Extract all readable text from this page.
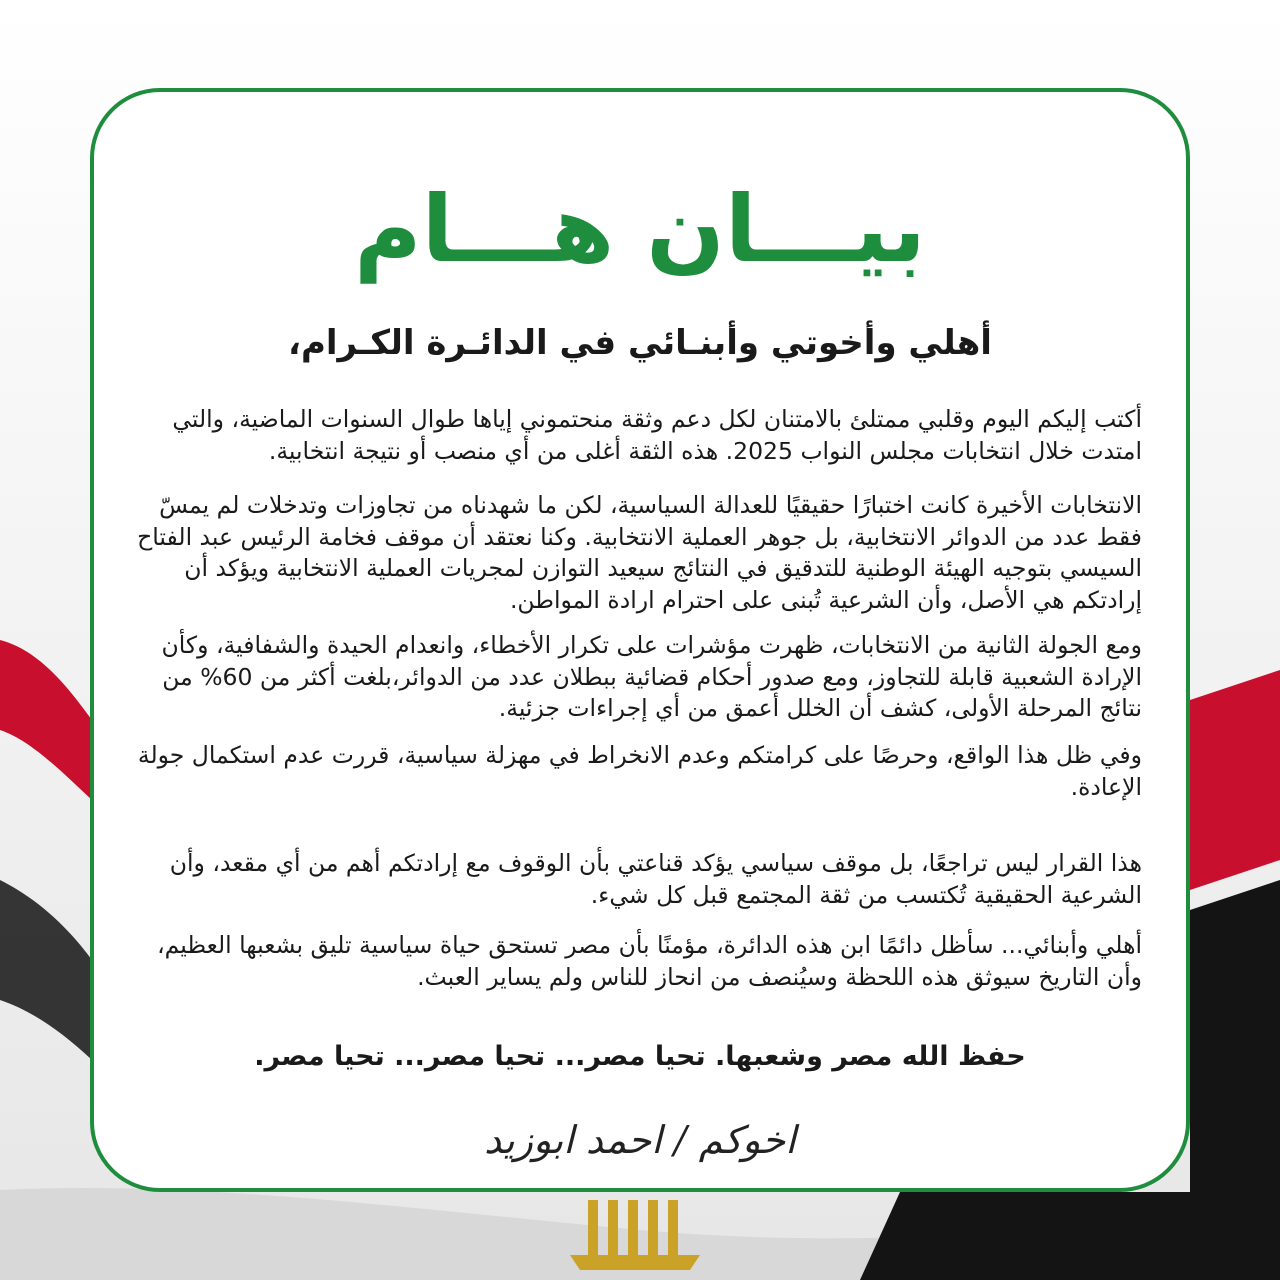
بيـــان هـــام
أهلي وأخوتي وأبنـائي في الدائـرة الكـرام،
أكتب إليكم اليوم وقلبي ممتلئ بالامتنان لكل دعم وثقة منحتموني إياها طوال السنوات الماضية، والتي امتدت خلال انتخابات مجلس النواب 2025. هذه الثقة أغلى من أي منصب أو نتيجة انتخابية.
الانتخابات الأخيرة كانت اختبارًا حقيقيًا للعدالة السياسية، لكن ما شهدناه من تجاوزات وتدخلات لم يمسّ فقط عدد من الدوائر الانتخابية، بل جوهر العملية الانتخابية. وكنا نعتقد أن موقف فخامة الرئيس عبد الفتاح السيسي بتوجيه الهيئة الوطنية للتدقيق في النتائج سيعيد التوازن لمجريات العملية الانتخابية ويؤكد أن إرادتكم هي الأصل، وأن الشرعية تُبنى على احترام ارادة المواطن.
ومع الجولة الثانية من الانتخابات، ظهرت مؤشرات على تكرار الأخطاء، وانعدام الحيدة والشفافية، وكأن الإرادة الشعبية قابلة للتجاوز، ومع صدور أحكام قضائية ببطلان عدد من الدوائر،بلغت أكثر من 60% من نتائج المرحلة الأولى، كشف أن الخلل أعمق من أي إجراءات جزئية.
وفي ظل هذا الواقع، وحرصًا على كرامتكم وعدم الانخراط في مهزلة سياسية، قررت عدم استكمال جولة الإعادة.
هذا القرار ليس تراجعًا، بل موقف سياسي يؤكد قناعتي بأن الوقوف مع إرادتكم أهم من أي مقعد، وأن الشرعية الحقيقية تُكتسب من ثقة المجتمع قبل كل شيء.
أهلي وأبنائي... سأظل دائمًا ابن هذه الدائرة، مؤمنًا بأن مصر تستحق حياة سياسية تليق بشعبها العظيم، وأن التاريخ سيوثق هذه اللحظة وسيُنصف من انحاز للناس ولم يساير العبث.
حفظ الله مصر وشعبها. تحيا مصر... تحيا مصر... تحيا مصر.
اخوكم / احمد ابوزيد
